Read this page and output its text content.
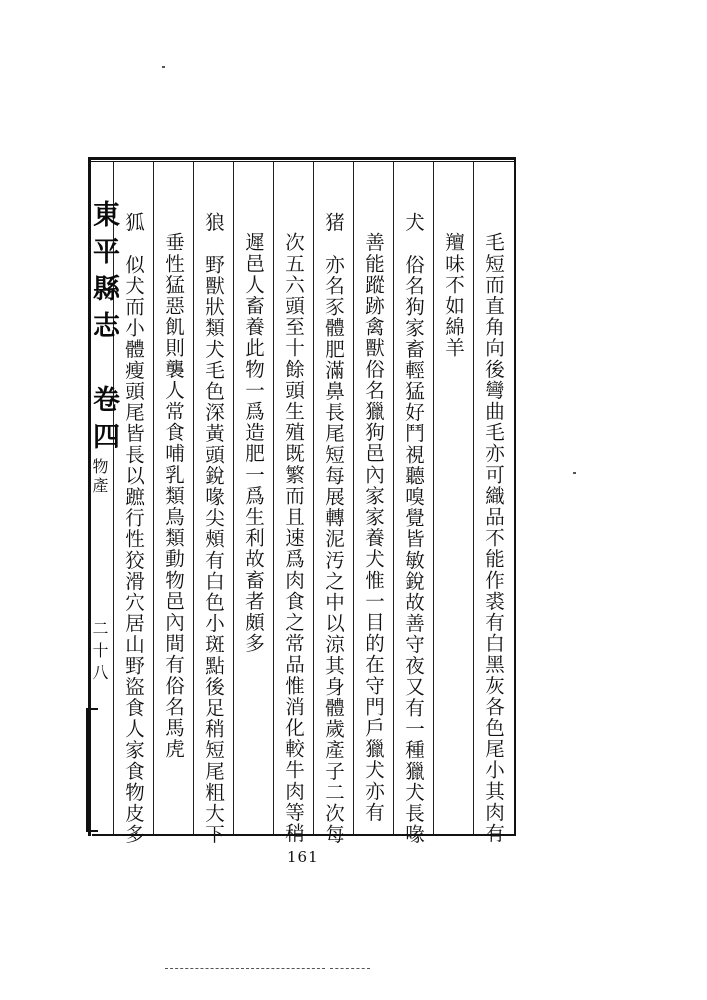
東平縣志　卷四
物產
二十八	毛短而直角向後彎曲毛亦可織品不能作裘有白黑灰各色尾小其肉有
羶味不如綿羊
犬　俗名狗家畜輕猛好鬥視聽嗅覺皆敏銳故善守夜又有一種獵犬長喙
善能蹤跡禽獸俗名獵狗邑內家家養犬惟一目的在守門戶獵犬亦有
猪　亦名豕體肥滿鼻長尾短每展轉泥汚之中以涼其身體歲產子二次每
次五六頭至十餘頭生殖既繁而且速爲肉食之常品惟消化較牛肉等稍
遲邑人畜養此物一爲造肥一爲生利故畜者頗多
狼　野獸狀類犬毛色深黃頭銳喙尖頰有白色小斑點後足稍短尾粗大下
垂性猛惡飢則襲人常食哺乳類鳥類動物邑內間有俗名馬虎
狐　似犬而小體瘦頭尾皆長以蹠行性狡滑穴居山野盜食人家食物皮多
161
